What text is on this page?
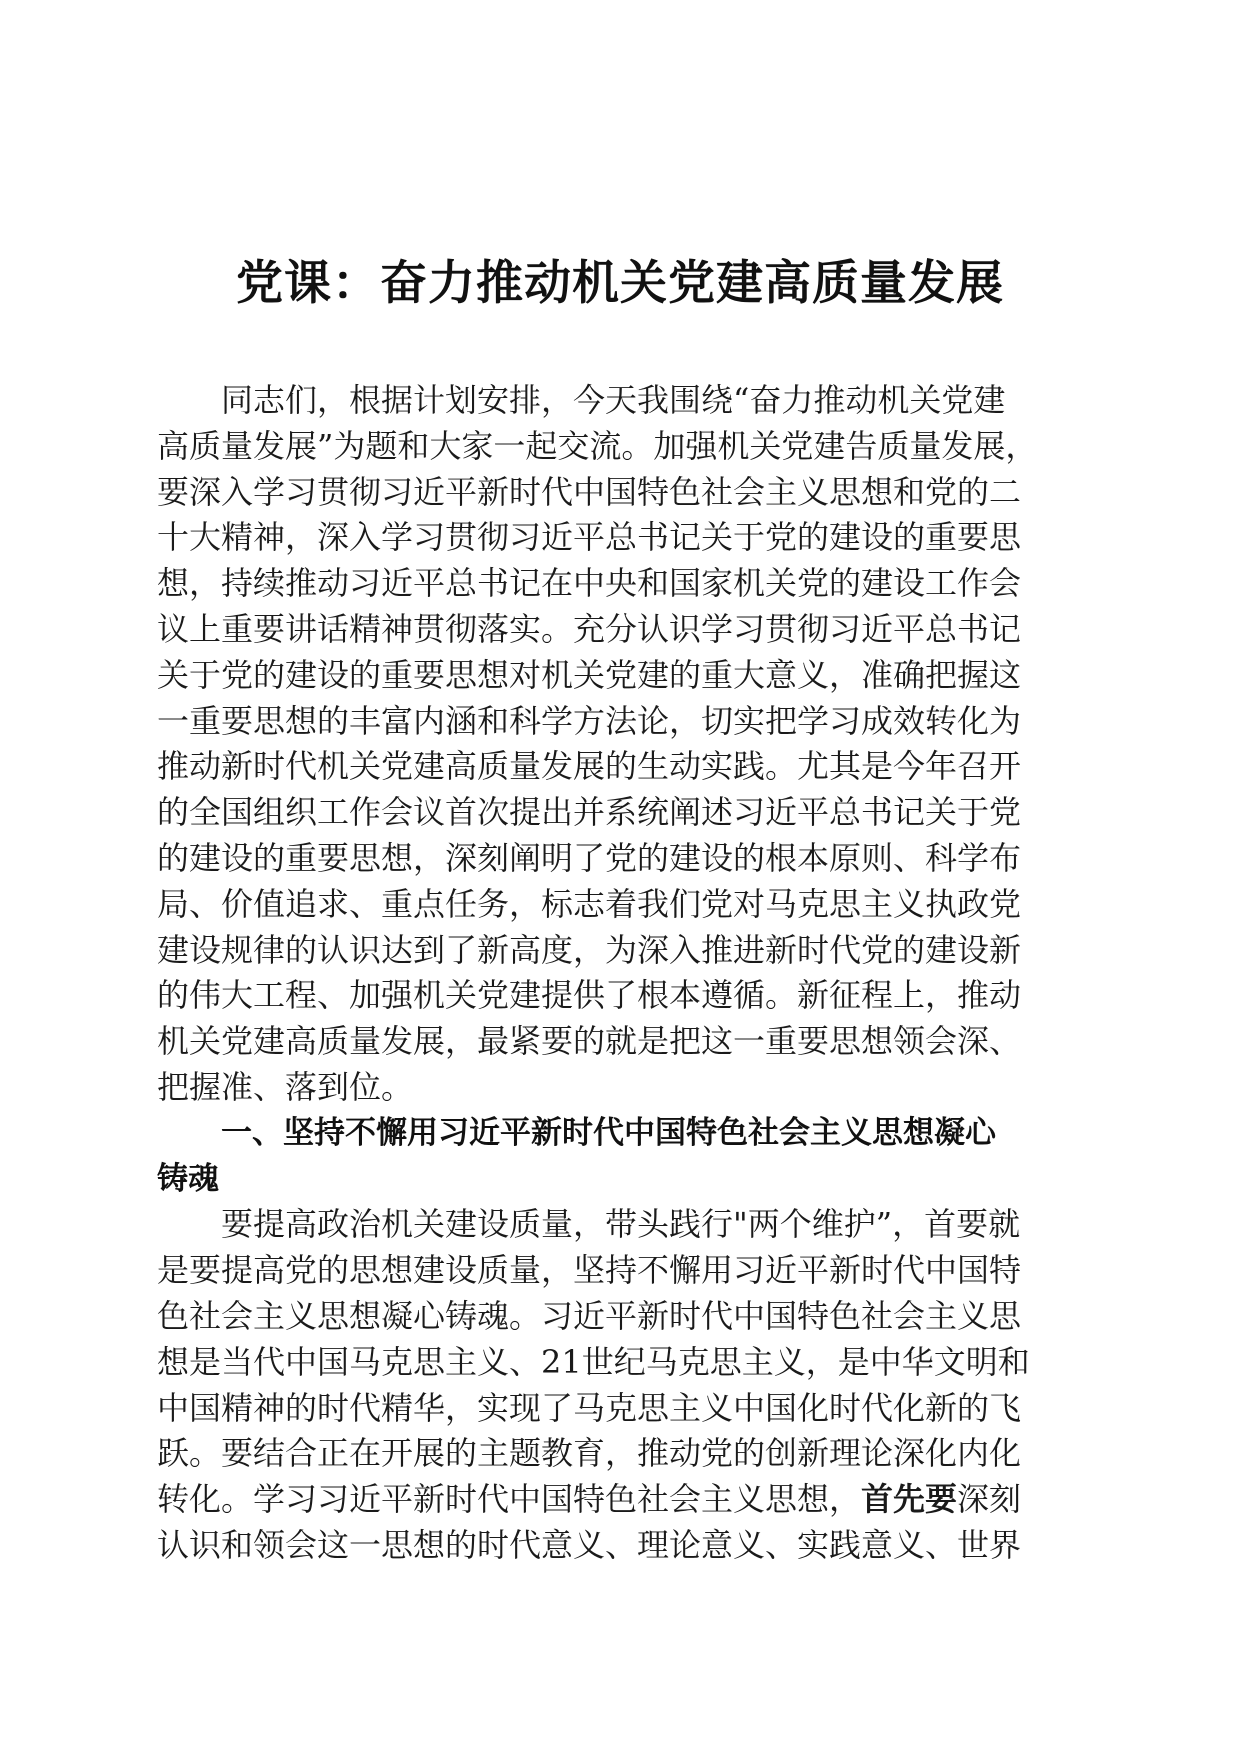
党课：奋力推动机关党建高质量发展
同志们，根据计划安排，今天我围绕“奋力推动机关党建
高质量发展”为题和大家一起交流。加强机关党建告质量发展，
要深入学习贯彻习近平新时代中国特色社会主义思想和党的二
十大精神，深入学习贯彻习近平总书记关于党的建设的重要思
想，持续推动习近平总书记在中央和国家机关党的建设工作会
议上重要讲话精神贯彻落实。充分认识学习贯彻习近平总书记
关于党的建设的重要思想对机关党建的重大意义，准确把握这
一重要思想的丰富内涵和科学方法论，切实把学习成效转化为
推动新时代机关党建高质量发展的生动实践。尤其是今年召开
的全国组织工作会议首次提出并系统阐述习近平总书记关于党
的建设的重要思想，深刻阐明了党的建设的根本原则、科学布
局、价值追求、重点任务，标志着我们党对马克思主义执政党
建设规律的认识达到了新高度，为深入推进新时代党的建设新
的伟大工程、加强机关党建提供了根本遵循。新征程上，推动
机关党建高质量发展，最紧要的就是把这一重要思想领会深、
把握准、落到位。
一、坚持不懈用习近平新时代中国特色社会主义思想凝心
铸魂
要提高政治机关建设质量，带头践行"两个维护”，首要就
是要提高党的思想建设质量，坚持不懈用习近平新时代中国特
色社会主义思想凝心铸魂。习近平新时代中国特色社会主义思
想是当代中国马克思主义、21世纪马克思主义，是中华文明和
中国精神的时代精华，实现了马克思主义中国化时代化新的飞
跃。要结合正在开展的主题教育，推动党的创新理论深化内化
转化。学习习近平新时代中国特色社会主义思想，首先要深刻
认识和领会这一思想的时代意义、理论意义、实践意义、世界
